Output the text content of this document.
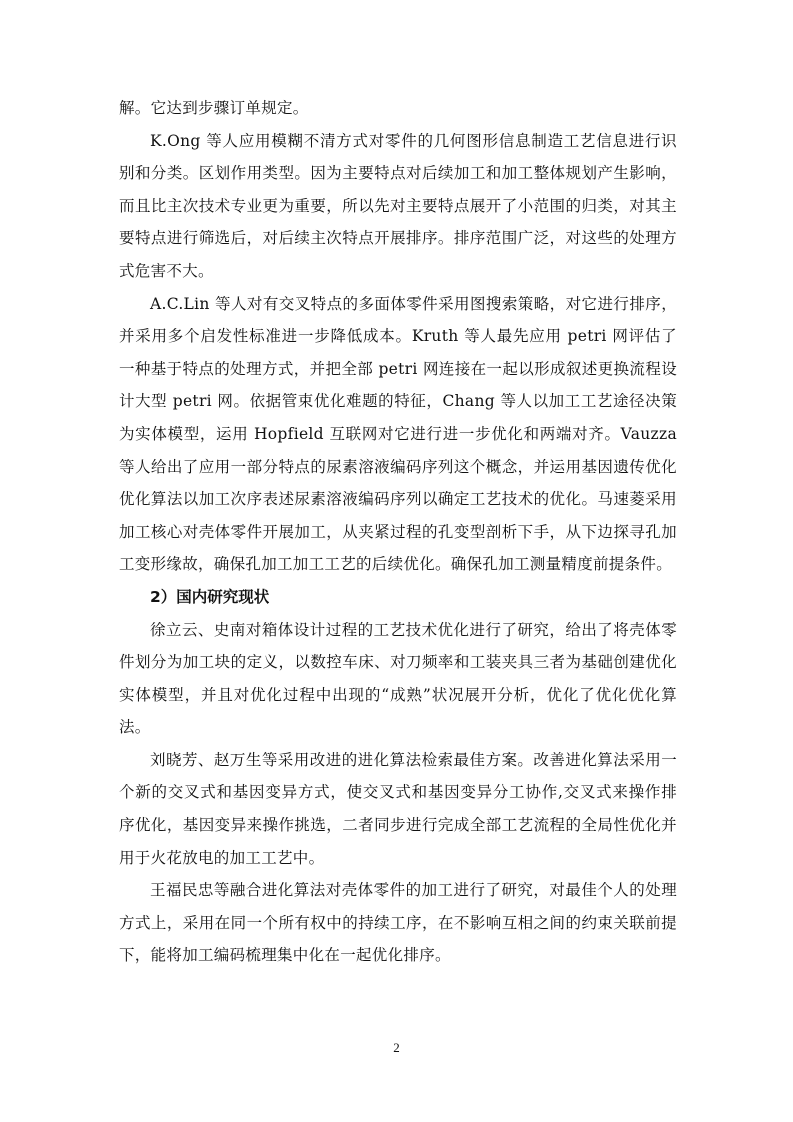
解。它达到步骤订单规定。

K.Ong 等人应用模糊不清方式对零件的几何图形信息制造工艺信息进行识别和分类。区划作用类型。因为主要特点对后续加工和加工整体规划产生影响，而且比主次技术专业更为重要，所以先对主要特点展开了小范围的归类，对其主要特点进行筛选后，对后续主次特点开展排序。排序范围广泛，对这些的处理方式危害不大。

A.C.Lin 等人对有交叉特点的多面体零件采用图搜索策略，对它进行排序，并采用多个启发性标准进一步降低成本。Kruth 等人最先应用 petri 网评估了一种基于特点的处理方式，并把全部 petri 网连接在一起以形成叙述更换流程设计大型 petri 网。依据管束优化难题的特征，Chang 等人以加工工艺途径决策为实体模型，运用 Hopfield 互联网对它进行进一步优化和两端对齐。Vauzza 等人给出了应用一部分特点的尿素溶液编码序列这个概念，并运用基因遗传优化优化算法以加工次序表述尿素溶液编码序列以确定工艺技术的优化。马速菱采用加工核心对壳体零件开展加工，从夹紧过程的孔变型剖析下手，从下边探寻孔加工变形缘故，确保孔加工加工工艺的后续优化。确保孔加工测量精度前提条件。

2）国内研究现状

徐立云、史南对箱体设计过程的工艺技术优化进行了研究，给出了将壳体零件划分为加工块的定义，以数控车床、对刀频率和工装夹具三者为基础创建优化实体模型，并且对优化过程中出现的“成熟”状况展开分析，优化了优化优化算法。

刘晓芳、赵万生等采用改进的进化算法检索最佳方案。改善进化算法采用一个新的交叉式和基因变异方式，使交叉式和基因变异分工协作,交叉式来操作排序优化，基因变异来操作挑选，二者同步进行完成全部工艺流程的全局性优化并用于火花放电的加工工艺中。

王福民忠等融合进化算法对壳体零件的加工进行了研究，对最佳个人的处理方式上，采用在同一个所有权中的持续工序，在不影响互相之间的约束关联前提下，能将加工编码梳理集中化在一起优化排序。

2
